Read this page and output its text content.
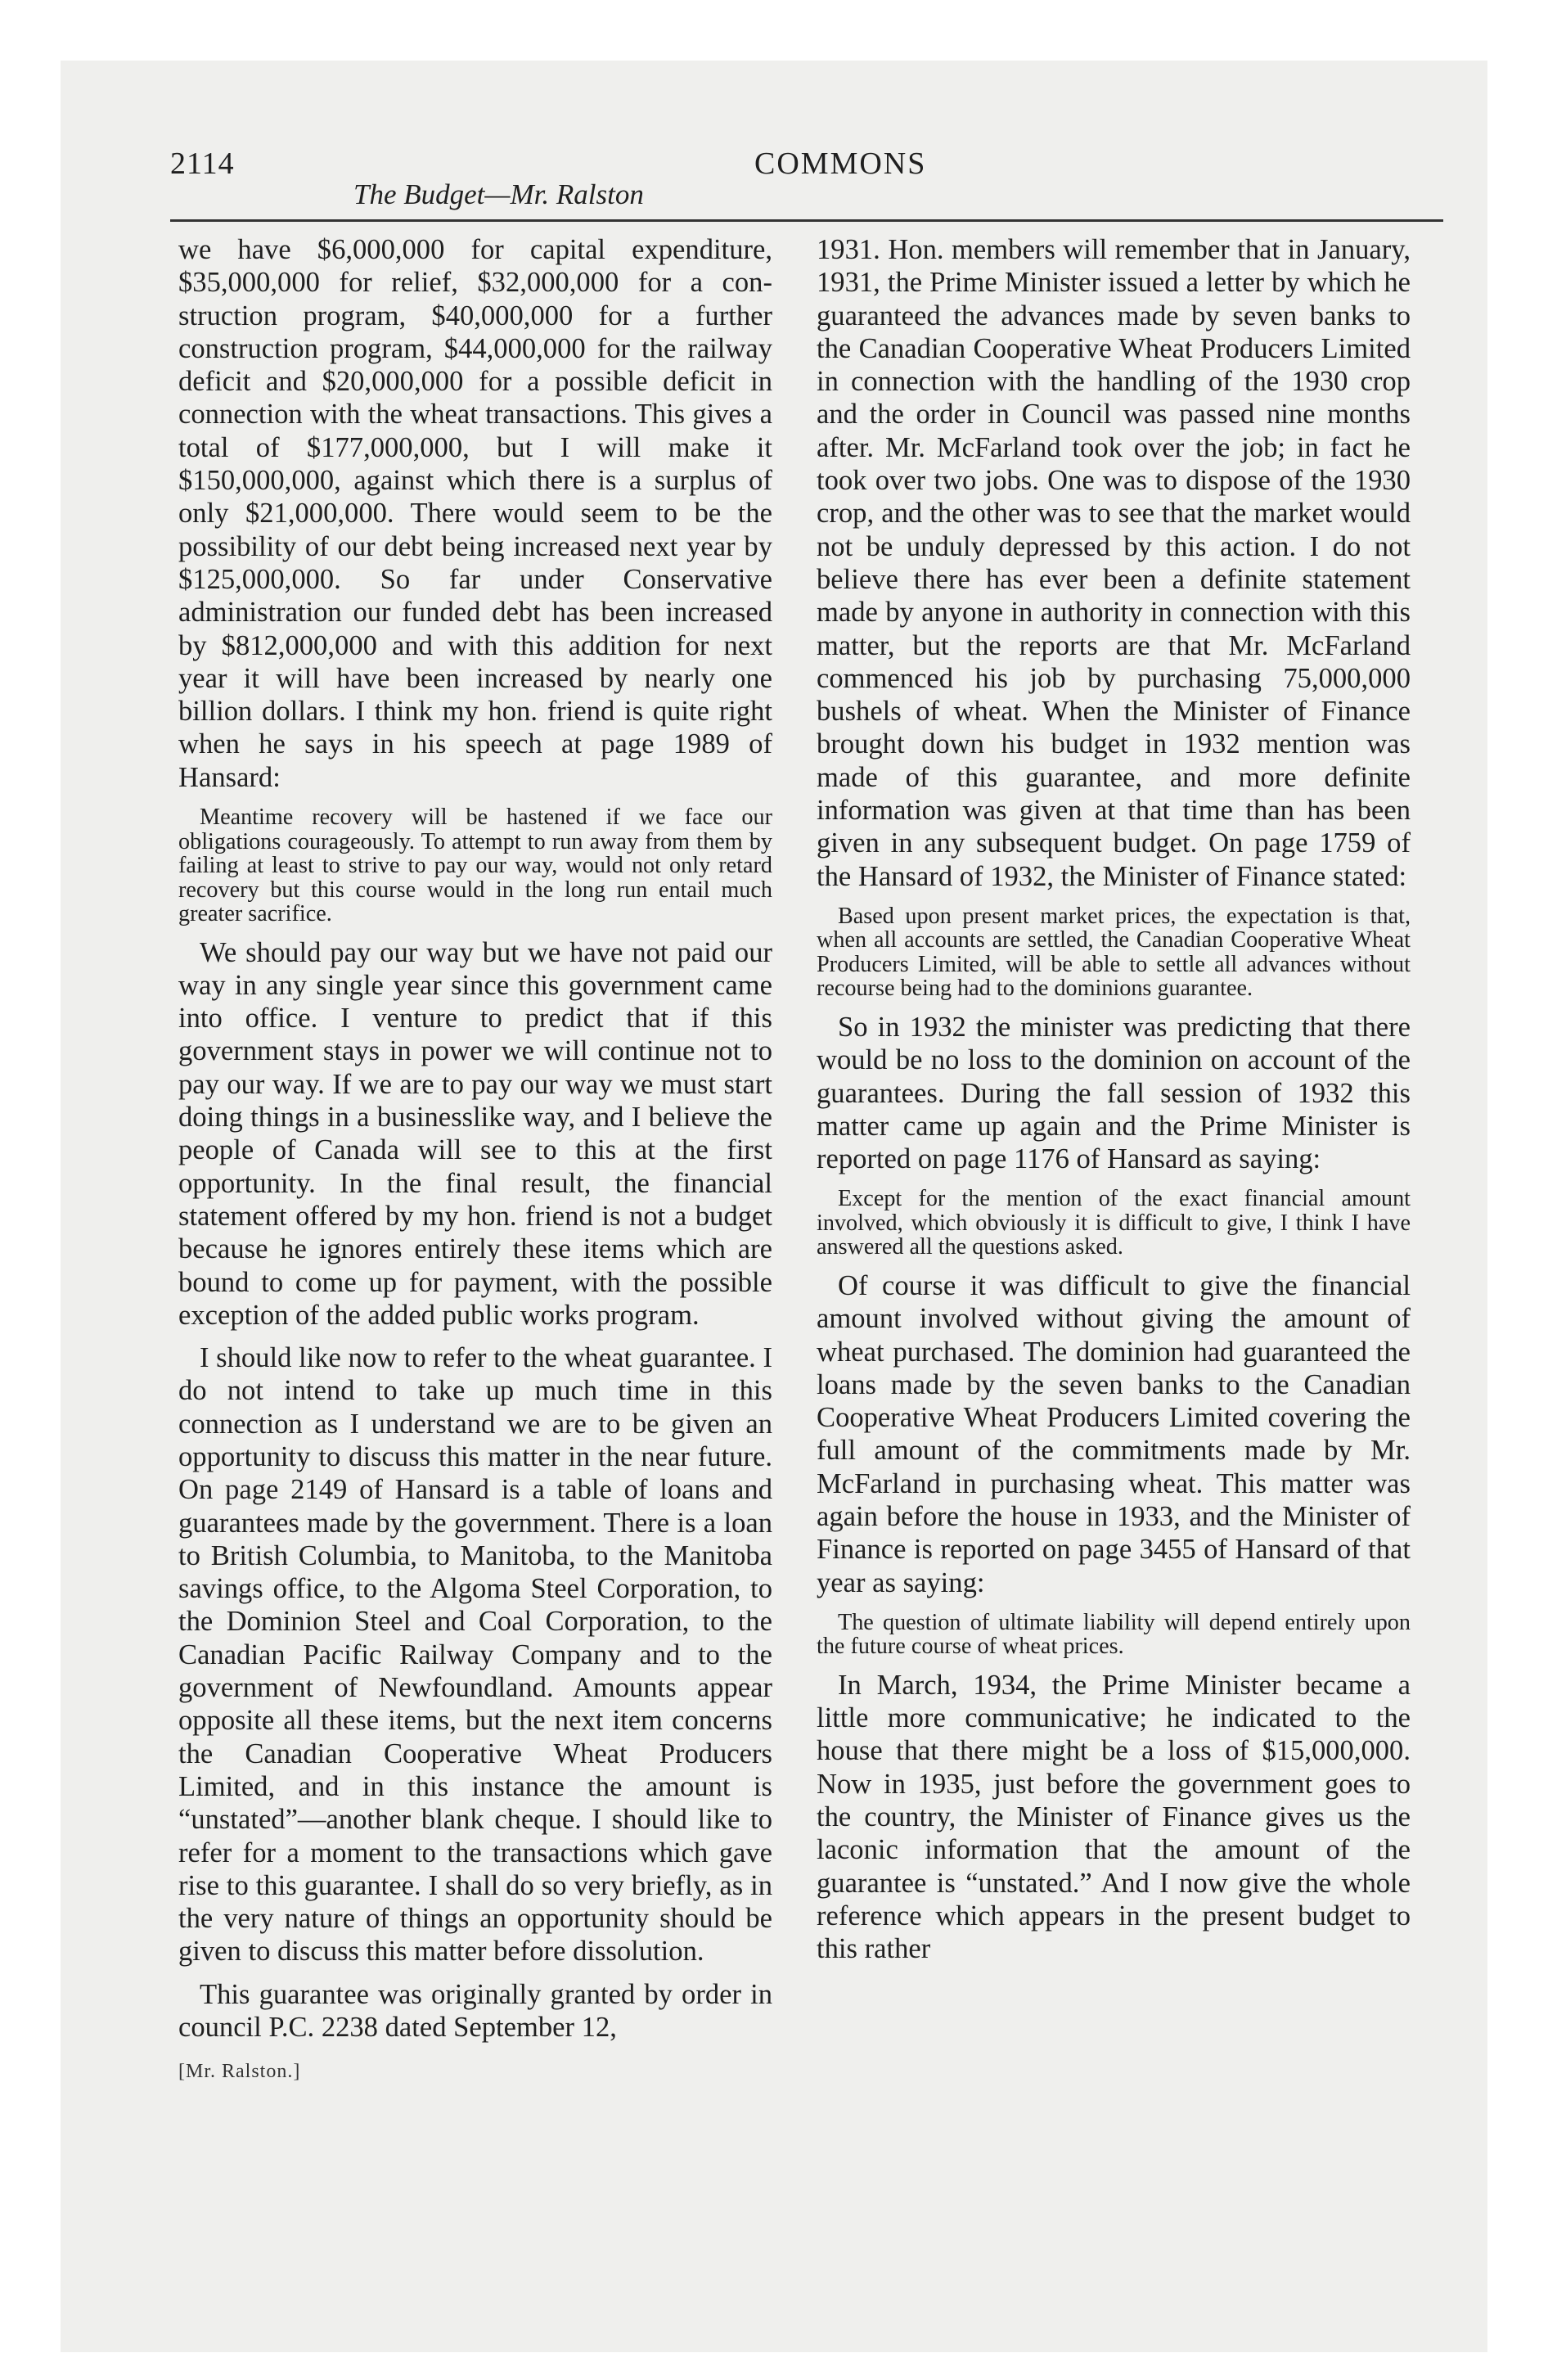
2114
The Budget—Mr. Ralston
COMMONS

we have $6,000,000 for capital expenditure, $35,000,000 for relief, $32,000,000 for a construction program, $40,000,000 for a further construction program, $44,000,000 for the railway deficit and $20,000,000 for a possible deficit in connection with the wheat transactions. This gives a total of $177,000,000, but I will make it $150,000,000, against which there is a surplus of only $21,000,000. There would seem to be the possibility of our debt being increased next year by $125,000,000. So far under Conservative administration our funded debt has been increased by $812,000,000 and with this addition for next year it will have been increased by nearly one billion dollars. I think my hon. friend is quite right when he says in his speech at page 1989 of Hansard:

Meantime recovery will be hastened if we face our obligations courageously. To attempt to run away from them by failing at least to strive to pay our way, would not only retard recovery but this course would in the long run entail much greater sacrifice.

We should pay our way but we have not paid our way in any single year since this government came into office. I venture to predict that if this government stays in power we will continue not to pay our way. If we are to pay our way we must start doing things in a businesslike way, and I believe the people of Canada will see to this at the first opportunity. In the final result, the financial statement offered by my hon. friend is not a budget because he ignores entirely these items which are bound to come up for payment, with the possible exception of the added public works program.

I should like now to refer to the wheat guarantee. I do not intend to take up much time in this connection as I understand we are to be given an opportunity to discuss this matter in the near future. On page 2149 of Hansard is a table of loans and guarantees made by the government. There is a loan to British Columbia, to Manitoba, to the Manitoba savings office, to the Algoma Steel Corporation, to the Dominion Steel and Coal Corporation, to the Canadian Pacific Railway Company and to the government of Newfoundland. Amounts appear opposite all these items, but the next item concerns the Canadian Cooperative Wheat Producers Limited, and in this instance the amount is “unstated”—another blank cheque. I should like to refer for a moment to the transactions which gave rise to this guarantee. I shall do so very briefly, as in the very nature of things an opportunity should be given to discuss this matter before dissolution.

This guarantee was originally granted by order in council P.C. 2238 dated September 12,

[Mr. Ralston.]

1931. Hon. members will remember that in January, 1931, the Prime Minister issued a letter by which he guaranteed the advances made by seven banks to the Canadian Cooperative Wheat Producers Limited in connection with the handling of the 1930 crop and the order in Council was passed nine months after. Mr. McFarland took over the job; in fact he took over two jobs. One was to dispose of the 1930 crop, and the other was to see that the market would not be unduly depressed by this action. I do not believe there has ever been a definite statement made by anyone in authority in connection with this matter, but the reports are that Mr. McFarland commenced his job by purchasing 75,000,000 bushels of wheat. When the Minister of Finance brought down his budget in 1932 mention was made of this guarantee, and more definite information was given at that time than has been given in any subsequent budget. On page 1759 of the Hansard of 1932, the Minister of Finance stated:

Based upon present market prices, the expectation is that, when all accounts are settled, the Canadian Cooperative Wheat Producers Limited, will be able to settle all advances without recourse being had to the dominions guarantee.

So in 1932 the minister was predicting that there would be no loss to the dominion on account of the guarantees. During the fall session of 1932 this matter came up again and the Prime Minister is reported on page 1176 of Hansard as saying:

Except for the mention of the exact financial amount involved, which obviously it is difficult to give, I think I have answered all the questions asked.

Of course it was difficult to give the financial amount involved without giving the amount of wheat purchased. The dominion had guaranteed the loans made by the seven banks to the Canadian Cooperative Wheat Producers Limited covering the full amount of the commitments made by Mr. McFarland in purchasing wheat. This matter was again before the house in 1933, and the Minister of Finance is reported on page 3455 of Hansard of that year as saying:

The question of ultimate liability will depend entirely upon the future course of wheat prices.

In March, 1934, the Prime Minister became a little more communicative; he indicated to the house that there might be a loss of $15,000,000. Now in 1935, just before the government goes to the country, the Minister of Finance gives us the laconic information that the amount of the guarantee is “unstated.” And I now give the whole reference which appears in the present budget to this rather
